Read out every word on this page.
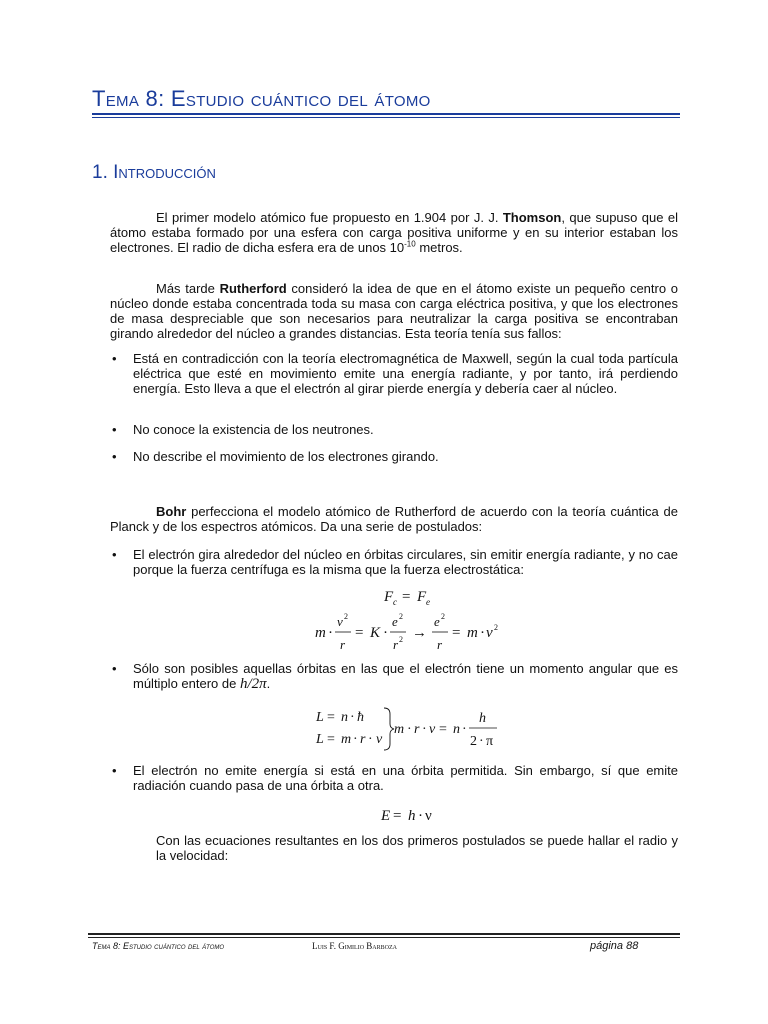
Tema 8: Estudio cuántico del átomo
1. Introducción

El primer modelo atómico fue propuesto en 1.904 por J. J. Thomson, que supuso que el átomo estaba formado por una esfera con carga positiva uniforme y en su interior estaban los electrones. El radio de dicha esfera era de unos $10^{-10}$ metros.

Más tarde Rutherford consideró la idea de que en el átomo existe un pequeño centro o núcleo donde estaba concentrada toda su masa con carga eléctrica positiva, y que los electrones de masa despreciable que son necesarios para neutralizar la carga positiva se encontraban girando alrededor del núcleo a grandes distancias. Esta teoría tenía sus fallos:

• Está en contradicción con la teoría electromagnética de Maxwell, según la cual toda partícula eléctrica que esté en movimiento emite una energía radiante, y por tanto, irá perdiendo energía. Esto lleva a que el electrón al girar pierde energía y debería caer al núcleo.

• No conoce la existencia de los neutrones.

• No describe el movimiento de los electrones girando.

Bohr perfecciona el modelo atómico de Rutherford de acuerdo con la teoría cuántica de Planck y de los espectros atómicos. Da una serie de postulados:

• El electrón gira alrededor del núcleo en órbitas circulares, sin emitir energía radiante, y no cae porque la fuerza centrífuga es la misma que la fuerza electrostática:

F c = F e
m ·
v 2
r
= K ·
e 2
r 2 →
e 2
r
= m · v 2

• Sólo son posibles aquellas órbitas en las que el electrón tiene un momento angular que es múltiplo entero de h/2π.

L = n · ħ
L = m · r · v
m · r · v = n ·
h
2 · π

• El electrón no emite energía si está en una órbita permitida. Sin embargo, sí que emite radiación cuando pasa de una órbita a otra.

E = h · ν

Con las ecuaciones resultantes en los dos primeros postulados se puede hallar el radio y la velocidad:

Tema 8: Estudio cuántico del átomo	Luis F. Gimilio Barboza	página 88
